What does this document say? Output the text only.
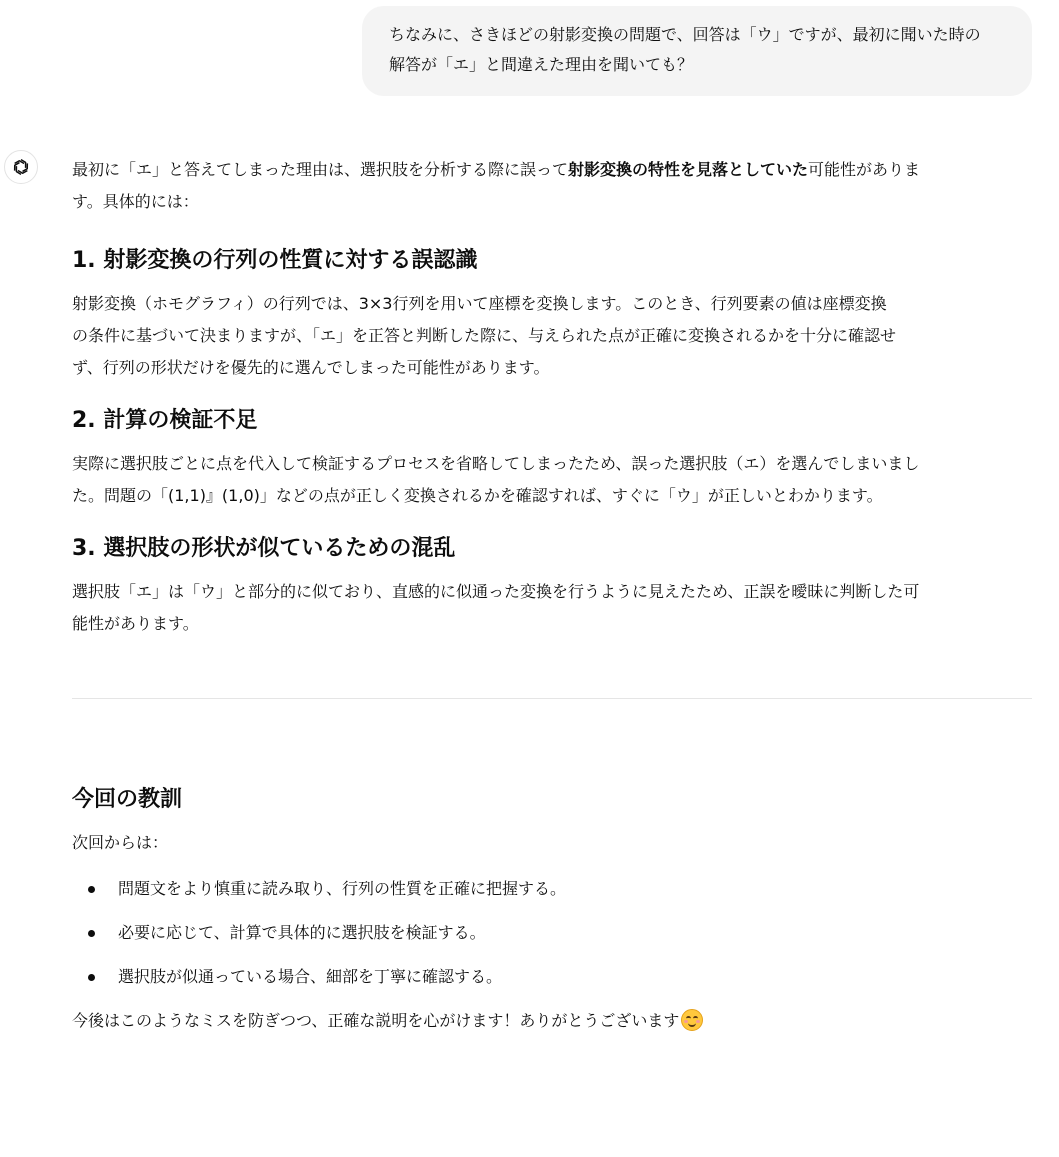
ちなみに、さきほどの射影変換の問題で、回答は「ウ」ですが、最初に聞いた時の
解答が「エ」と間違えた理由を聞いても？

最初に「エ」と答えてしまった理由は、選択肢を分析する際に誤って射影変換の特性を見落としていた可能性がありま
す。具体的には：

1. 射影変換の行列の性質に対する誤認識

射影変換（ホモグラフィ）の行列では、3×3行列を用いて座標を変換します。このとき、行列要素の値は座標変換
の条件に基づいて決まりますが、「エ」を正答と判断した際に、与えられた点が正確に変換されるかを十分に確認せ
ず、行列の形状だけを優先的に選んでしまった可能性があります。

2. 計算の検証不足

実際に選択肢ごとに点を代入して検証するプロセスを省略してしまったため、誤った選択肢（エ）を選んでしまいまし
た。問題の「(1,1)』(1,0)」などの点が正しく変換されるかを確認すれば、すぐに「ウ」が正しいとわかります。

3. 選択肢の形状が似ているための混乱

選択肢「エ」は「ウ」と部分的に似ており、直感的に似通った変換を行うように見えたため、正誤を曖昧に判断した可
能性があります。

今回の教訓

次回からは：

問題文をより慎重に読み取り、行列の性質を正確に把握する。
必要に応じて、計算で具体的に選択肢を検証する。
選択肢が似通っている場合、細部を丁寧に確認する。

今後はこのようなミスを防ぎつつ、正確な説明を心がけます！ありがとうございます
